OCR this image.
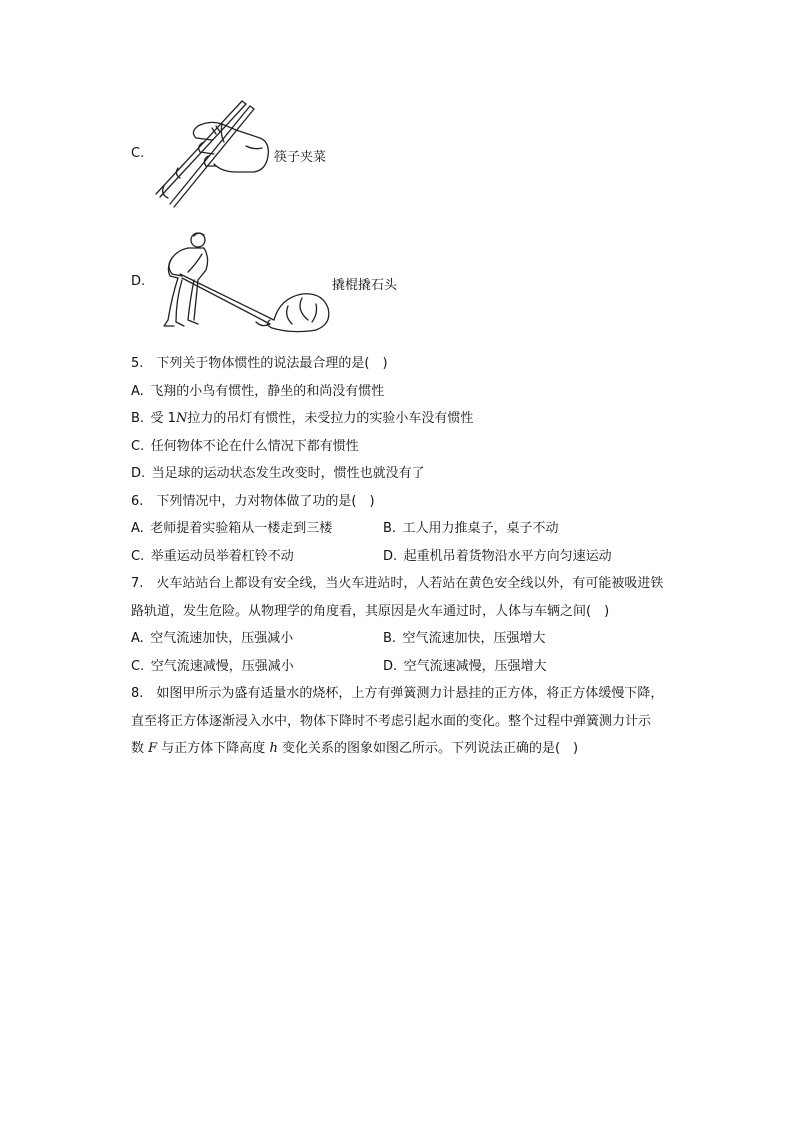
C.	筷子夹菜
D.	撬棍撬石头
5. 下列关于物体惯性的说法最合理的是(　)
A. 飞翔的小鸟有惯性，静坐的和尚没有惯性
B. 受 1N拉力的吊灯有惯性，未受拉力的实验小车没有惯性
C. 任何物体不论在什么情况下都有惯性
D. 当足球的运动状态发生改变时，惯性也就没有了
6. 下列情况中，力对物体做了功的是(　)
A. 老师提着实验箱从一楼走到三楼	B. 工人用力推桌子，桌子不动
C. 举重运动员举着杠铃不动	D. 起重机吊着货物沿水平方向匀速运动
7. 火车站站台上都设有安全线，当火车进站时，人若站在黄色安全线以外，有可能被吸进铁
路轨道，发生危险。从物理学的角度看，其原因是火车通过时，人体与车辆之间(　)
A. 空气流速加快，压强减小	B. 空气流速加快，压强增大
C. 空气流速减慢，压强减小	D. 空气流速减慢，压强增大
8. 如图甲所示为盛有适量水的烧杯，上方有弹簧测力计悬挂的正方体，将正方体缓慢下降，
直至将正方体逐渐浸入水中，物体下降时不考虑引起水面的变化。整个过程中弹簧测力计示
数 F 与正方体下降高度 h 变化关系的图象如图乙所示。下列说法正确的是(　)
